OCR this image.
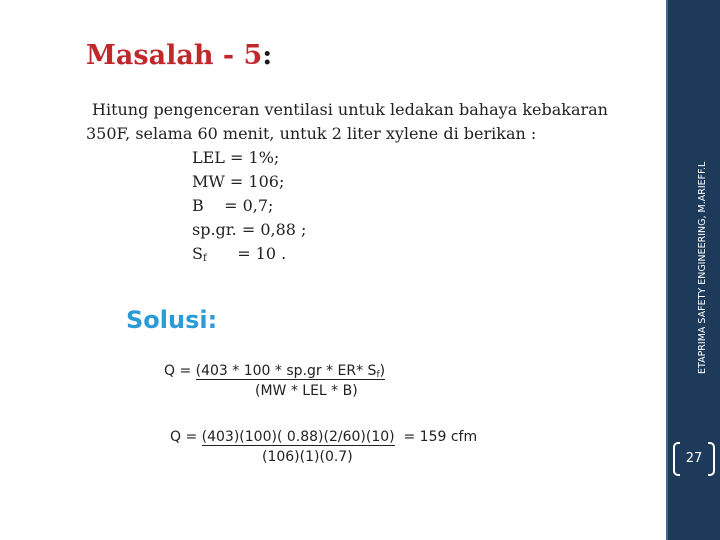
Masalah - 5:

Hitung pengenceran ventilasi untuk ledakan bahaya kebakaran

350F, selama 60 menit, untuk 2 liter xylene di berikan :

LEL = 1%;
MW = 106;
B    = 0,7;
sp.gr. = 0,88 ;
$S_f$      = 10 .
Solusi:
Q = (403 * 100 * sp.gr * ER* Sf)
(MW * LEL * B)
Q = (403)(100)( 0.88)(2/60)(10)  = 159 cfm
(106)(1)(0.7)
ETAPRIMA SAFETY ENGINEERING, M.ARIEFF.L
27
